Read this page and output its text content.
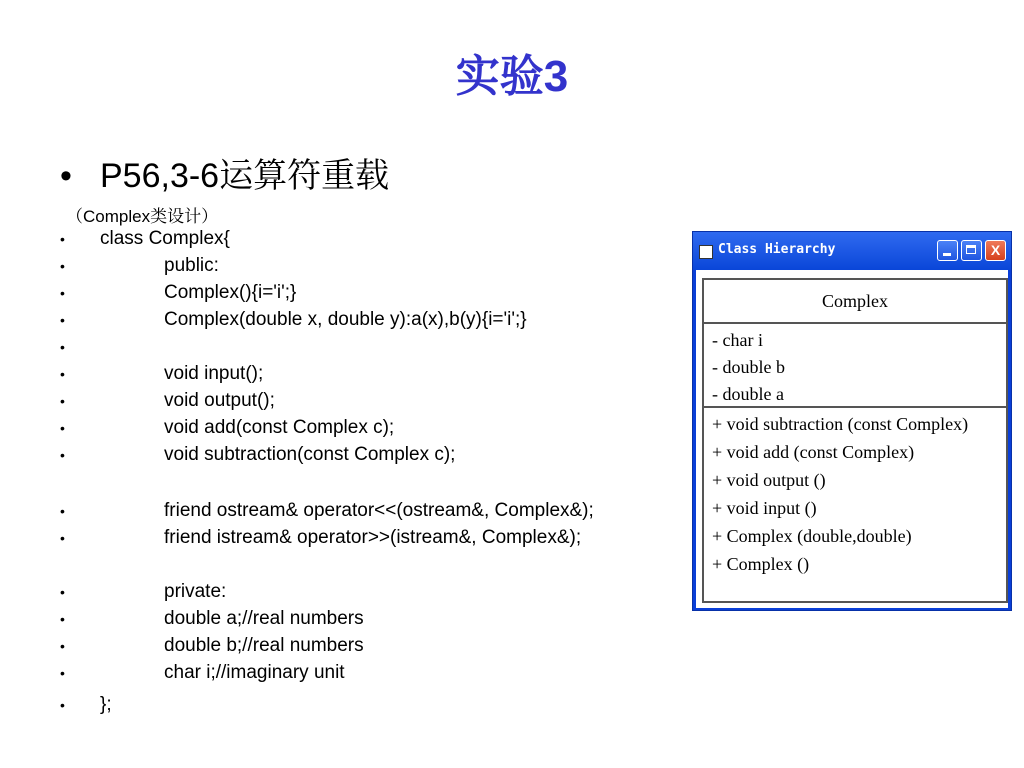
实验3
• P56,3-6运算符重载
（Complex类设计）
• class Complex{
•	public:
•	Complex(){i='i';}
•	Complex(double x, double y):a(x),b(y){i='i';}
•
•	void input();
•	void output();
•	void add(const Complex c);
•	void subtraction(const Complex c);
•	friend ostream& operator<<(ostream&, Complex&);
•	friend istream& operator>>(istream&, Complex&);
•	private:
•	double a;//real numbers
•	double b;//real numbers
•	char i;//imaginary unit
• };
Class Hierarchy	X
Complex
- char i
- double b
- double a
+ void subtraction (const Complex)
+ void add (const Complex)
+ void output ()
+ void input ()
+ Complex (double,double)
+ Complex ()
